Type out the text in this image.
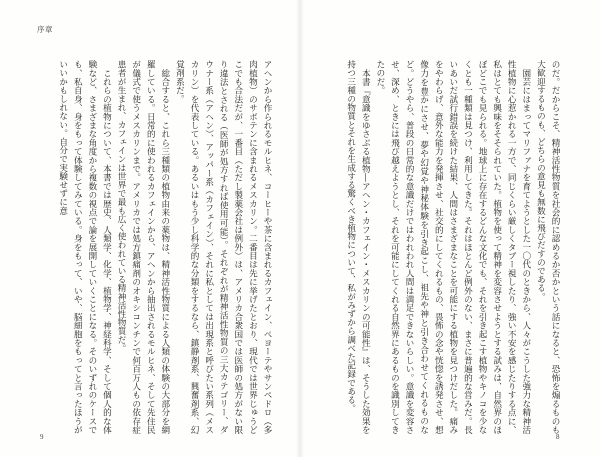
序章

アヘンから作られるモルヒネ、コーヒーや茶に含まれるカフェイン、ペヨーテやサンペドロ（多肉植物）のサボテンに含まれるメスカリン。二番目は先に挙げたとおり、現代では世界じゅうどこでも合法だが、一番目（ただし製薬会社は例外）は、アメリカ合衆国では医師の処方がない限り違法とされる（医師が処方すれば使用可能）。それぞれが精神活性物質の三大カテゴリー、ダウナー系（アヘン）、アッパー系（カフェイン）、それに私としては出現系と呼びたい系列（メスカリン）を代表している。あるいはもう少し科学的な分類をするなら、鎮静剤系、興奮剤系、幻覚剤系だ。

　総合すると、これら三種類の植物由来の薬物は、精神活性物質による人類の体験の大部分を網羅している。日常的に使われるカフェインから、アヘンから抽出されるモルヒネ、そして先住民が儀式で使うメスカリンまで。アメリカでは処方鎮痛剤のオキシコンチンで何百万人もの依存症患者が生まれ、カフェインは世界で最も広く使われている精神活性物質だ。

　これらの植物について、本書では歴史、人類学、化学、植物学、神経科学、そして個人的な体験など、さまざまな角度から複数の視点で論を展開していくことになる。そのいずれのケースでも、私自身、身をもって体験してみている。身をもって、いや、脳細胞をもってと言ったほうがいいかもしれない。自分で実験せずに意

9

のだ。だからこそ、精神活性物質を社会的に認めるか否かという話になると、恐怖を煽るものも大歓迎するものも、どちらの意見も無数に飛びだすのである。

　園芸にはまってマリファナを育てようとした一〇代のときから、人々がこうした強力な精神活性植物に心惹かれる一方で、同じくらい厳しくタブー視したり、強い不安を感じたりする点に、私はとても興味をそそられていた。植物を使って精神を変容させようとする試みは、自然界のほぼどこでも見られる。地球上に存在するどんな文化でも、それを引き起こす植物やキノコを少なくとも一種類は見つけ、利用してきた。それはほとんど例外のない、まさに普遍的な営みだ。長いあいだ試行錯誤を続けた結果、人間はさまざまなことを可能にする植物を見つけだした。痛みをやわらげ、意外な能力を発揮させ、社交的にしてくれるもの、畏怖の念や恍惚を誘発させ、想像力を豊かにさせ、夢や幻覚や神秘体験を引き起こし、祖先や神と引き合わせてくれるものなど。どうやら、普段の日常的な意識だけではわれわれ人間は満足できないらしい。意識を変容させ、深め、ときには飛び越えようとし、それを可能にしてくれる自然界にあるものを識別してきたのだ。

　本書『意識をゆさぶる植物―アヘン・カフェイン・メスカリンの可能性』は、そうした効果を持つ三種の物質とそれを生成する驚くべき植物について、私がみずから調べた記録である。

8
